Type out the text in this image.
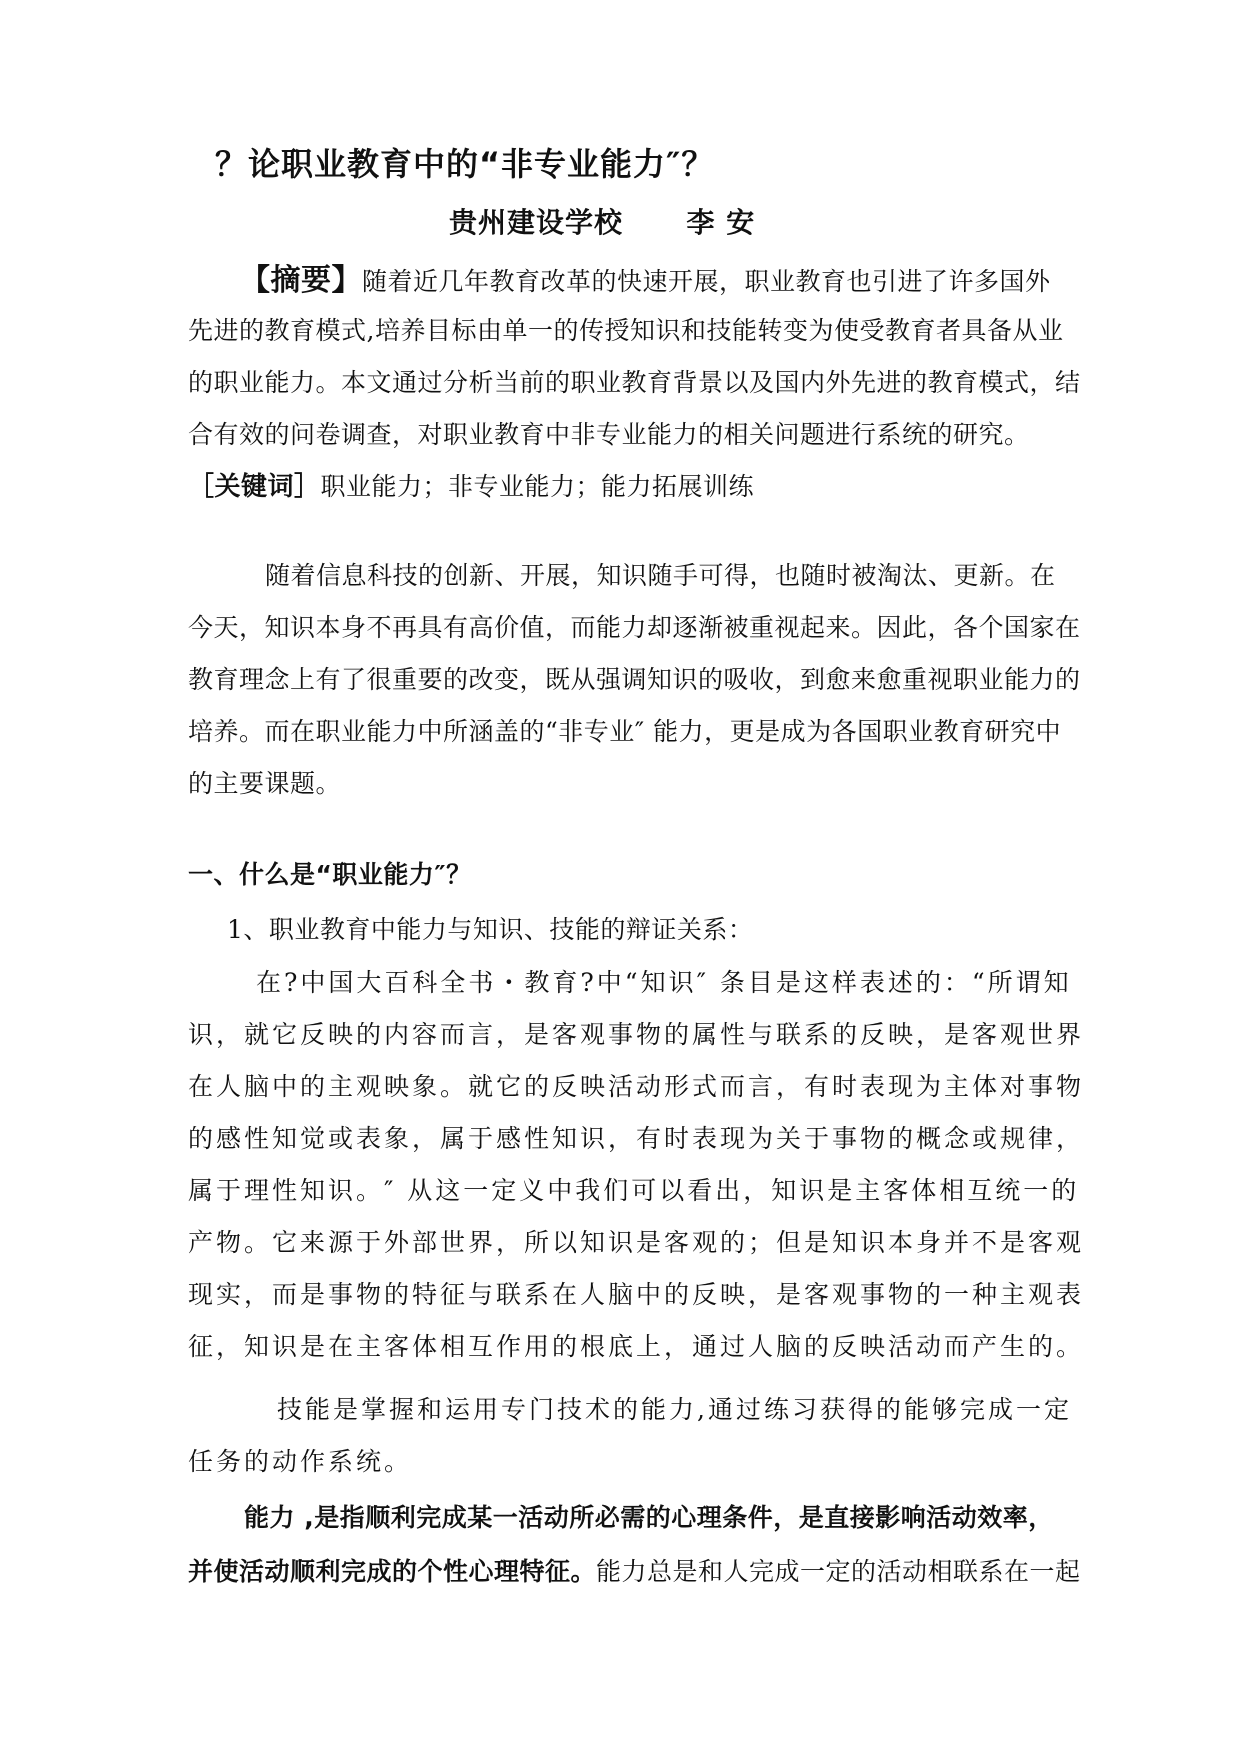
？论职业教育中的“非专业能力″？

贵州建设学校 李 安

【摘要】随着近几年教育改革的快速开展，职业教育也引进了许多国外

先进的教育模式,培养目标由单一的传授知识和技能转变为使受教育者具备从业

的职业能力。本文通过分析当前的职业教育背景以及国内外先进的教育模式，结

合有效的问卷调查，对职业教育中非专业能力的相关问题进行系统的研究。

［关键词］职业能力；非专业能力；能力拓展训练

随着信息科技的创新、开展，知识随手可得，也随时被淘汰、更新。在

今天，知识本身不再具有高价值，而能力却逐渐被重视起来。因此，各个国家在

教育理念上有了很重要的改变，既从强调知识的吸收，到愈来愈重视职业能力的

培养。而在职业能力中所涵盖的“非专业″ 能力，更是成为各国职业教育研究中

的主要课题。

一、什么是“职业能力″？

1、职业教育中能力与知识、技能的辩证关系：

在?中国大百科全书・教育?中“知识″ 条目是这样表述的：“所谓知

识，就它反映的内容而言，是客观事物的属性与联系的反映，是客观世界

在人脑中的主观映象。就它的反映活动形式而言，有时表现为主体对事物

的感性知觉或表象，属于感性知识，有时表现为关于事物的概念或规律，

属于理性知识。″ 从这一定义中我们可以看出，知识是主客体相互统一的

产物。它来源于外部世界，所以知识是客观的；但是知识本身并不是客观

现实，而是事物的特征与联系在人脑中的反映，是客观事物的一种主观表

征，知识是在主客体相互作用的根底上，通过人脑的反映活动而产生的。

技能是掌握和运用专门技术的能力,通过练习获得的能够完成一定

任务的动作系统。

能力 ,是指顺利完成某一活动所必需的心理条件，是直接影响活动效率，

并使活动顺利完成的个性心理特征。能力总是和人完成一定的活动相联系在一起
